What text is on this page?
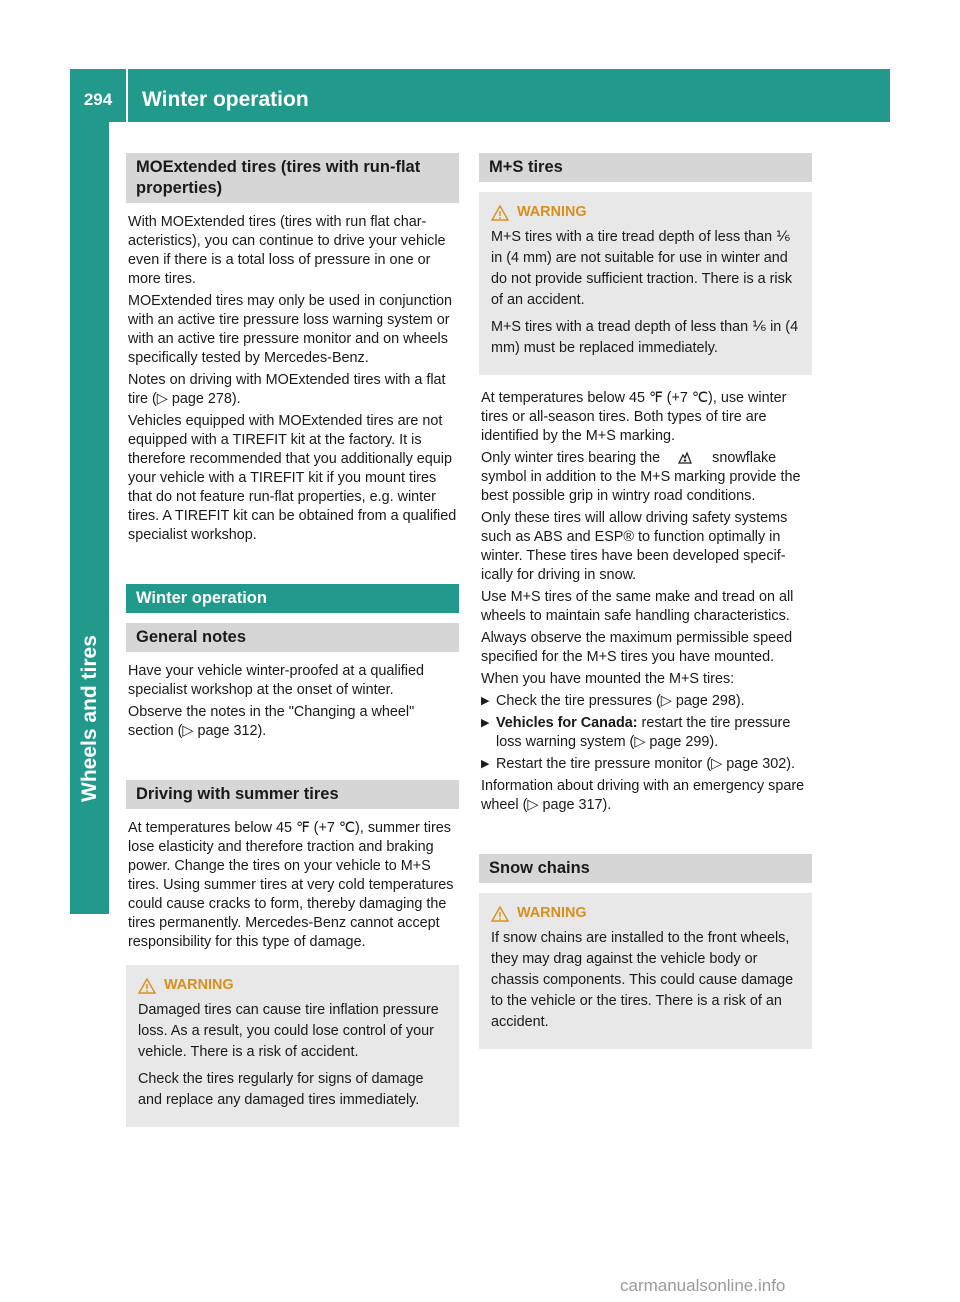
294	Winter operation
Wheels and tires
MOExtended tires (tires with run-flat properties)

With MOExtended tires (tires with run flat characteristics), you can continue to drive your vehicle even if there is a total loss of pressure in one or more tires.

MOExtended tires may only be used in conjunction with an active tire pressure loss warning system or with an active tire pressure monitor and on wheels specifically tested by Mercedes-Benz.

Notes on driving with MOExtended tires with a flat tire (▷ page 278).

Vehicles equipped with MOExtended tires are not equipped with a TIREFIT kit at the factory. It is therefore recommended that you additionally equip your vehicle with a TIREFIT kit if you mount tires that do not feature run-flat properties, e.g. winter tires. A TIREFIT kit can be obtained from a qualified specialist workshop.

Winter operation
General notes

Have your vehicle winter-proofed at a qualified specialist workshop at the onset of winter.

Observe the notes in the "Changing a wheel" section (▷ page 312).

Driving with summer tires

At temperatures below 45 ℉ (+7 ℃), summer tires lose elasticity and therefore traction and braking power. Change the tires on your vehicle to M+S tires. Using summer tires at very cold temperatures could cause cracks to form, thereby damaging the tires permanently. Mercedes-Benz cannot accept responsibility for this type of damage.

WARNING

Damaged tires can cause tire inflation pressure loss. As a result, you could lose control of your vehicle. There is a risk of accident.

Check the tires regularly for signs of damage and replace any damaged tires immediately.

M+S tires
WARNING

M+S tires with a tire tread depth of less than ⅙ in (4 mm) are not suitable for use in winter and do not provide sufficient traction. There is a risk of an accident.

M+S tires with a tread depth of less than ⅙ in (4 mm) must be replaced immediately.

At temperatures below 45 ℉ (+7 ℃), use winter tires or all-season tires. Both types of tire are identified by the M+S marking.

Only winter tires bearing the	snowflake symbol in addition to the M+S marking provide the best possible grip in wintry road conditions.

Only these tires will allow driving safety systems such as ABS and ESP® to function optimally in winter. These tires have been developed specifically for driving in snow.

Use M+S tires of the same make and tread on all wheels to maintain safe handling characteristics.

Always observe the maximum permissible speed specified for the M+S tires you have mounted.

When you have mounted the M+S tires:

▶ Check the tire pressures (▷ page 298).
▶ Vehicles for Canada: restart the tire pressure loss warning system (▷ page 299).
▶ Restart the tire pressure monitor (▷ page 302).

Information about driving with an emergency spare wheel (▷ page 317).

Snow chains
WARNING

If snow chains are installed to the front wheels, they may drag against the vehicle body or chassis components. This could cause damage to the vehicle or the tires. There is a risk of an accident.

carmanualsonline.info
